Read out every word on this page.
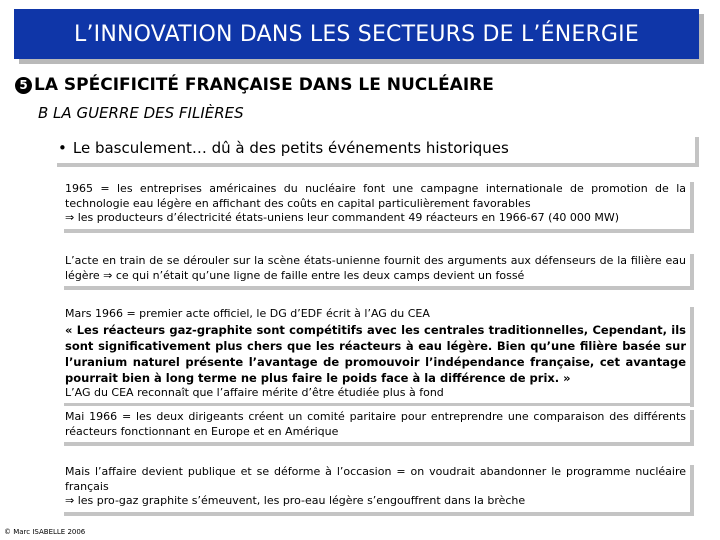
L’INNOVATION DANS LES SECTEURS DE L’ÉNERGIE
5 LA SPÉCIFICITÉ FRANÇAISE DANS LE NUCLÉAIRE
B LA GUERRE DES FILIÈRES
• Le basculement… dû à des petits événements historiques

1965 = les entreprises américaines du nucléaire font une campagne internationale de promotion de la technologie eau légère en affichant des coûts en capital particulièrement favorables

⇒ les producteurs d’électricité états-uniens leur commandent 49 réacteurs en 1966-67 (40 000 MW)

L’acte en train de se dérouler sur la scène états-unienne fournit des arguments aux défenseurs de la filière eau légère ⇒ ce qui n’était qu’une ligne de faille entre les deux camps devient un fossé

Mars 1966 = premier acte officiel, le DG d’EDF écrit à l’AG du CEA

« Les réacteurs gaz-graphite sont compétitifs avec les centrales traditionnelles, Cependant, ils sont significativement plus chers que les réacteurs à eau légère. Bien qu’une filière basée sur l’uranium naturel présente l’avantage de promouvoir l’indépendance française, cet avantage pourrait bien à long terme ne plus faire le poids face à la différence de prix. »

L’AG du CEA reconnaît que l’affaire mérite d’être étudiée plus à fond

Mai 1966 = les deux dirigeants créent un comité paritaire pour entreprendre une comparaison des différents réacteurs fonctionnant en Europe et en Amérique

Mais l’affaire devient publique et se déforme à l’occasion = on voudrait abandonner le programme nucléaire français

⇒ les pro-gaz graphite s’émeuvent, les pro-eau légère s’engouffrent dans la brèche

© Marc ISABELLE 2006
